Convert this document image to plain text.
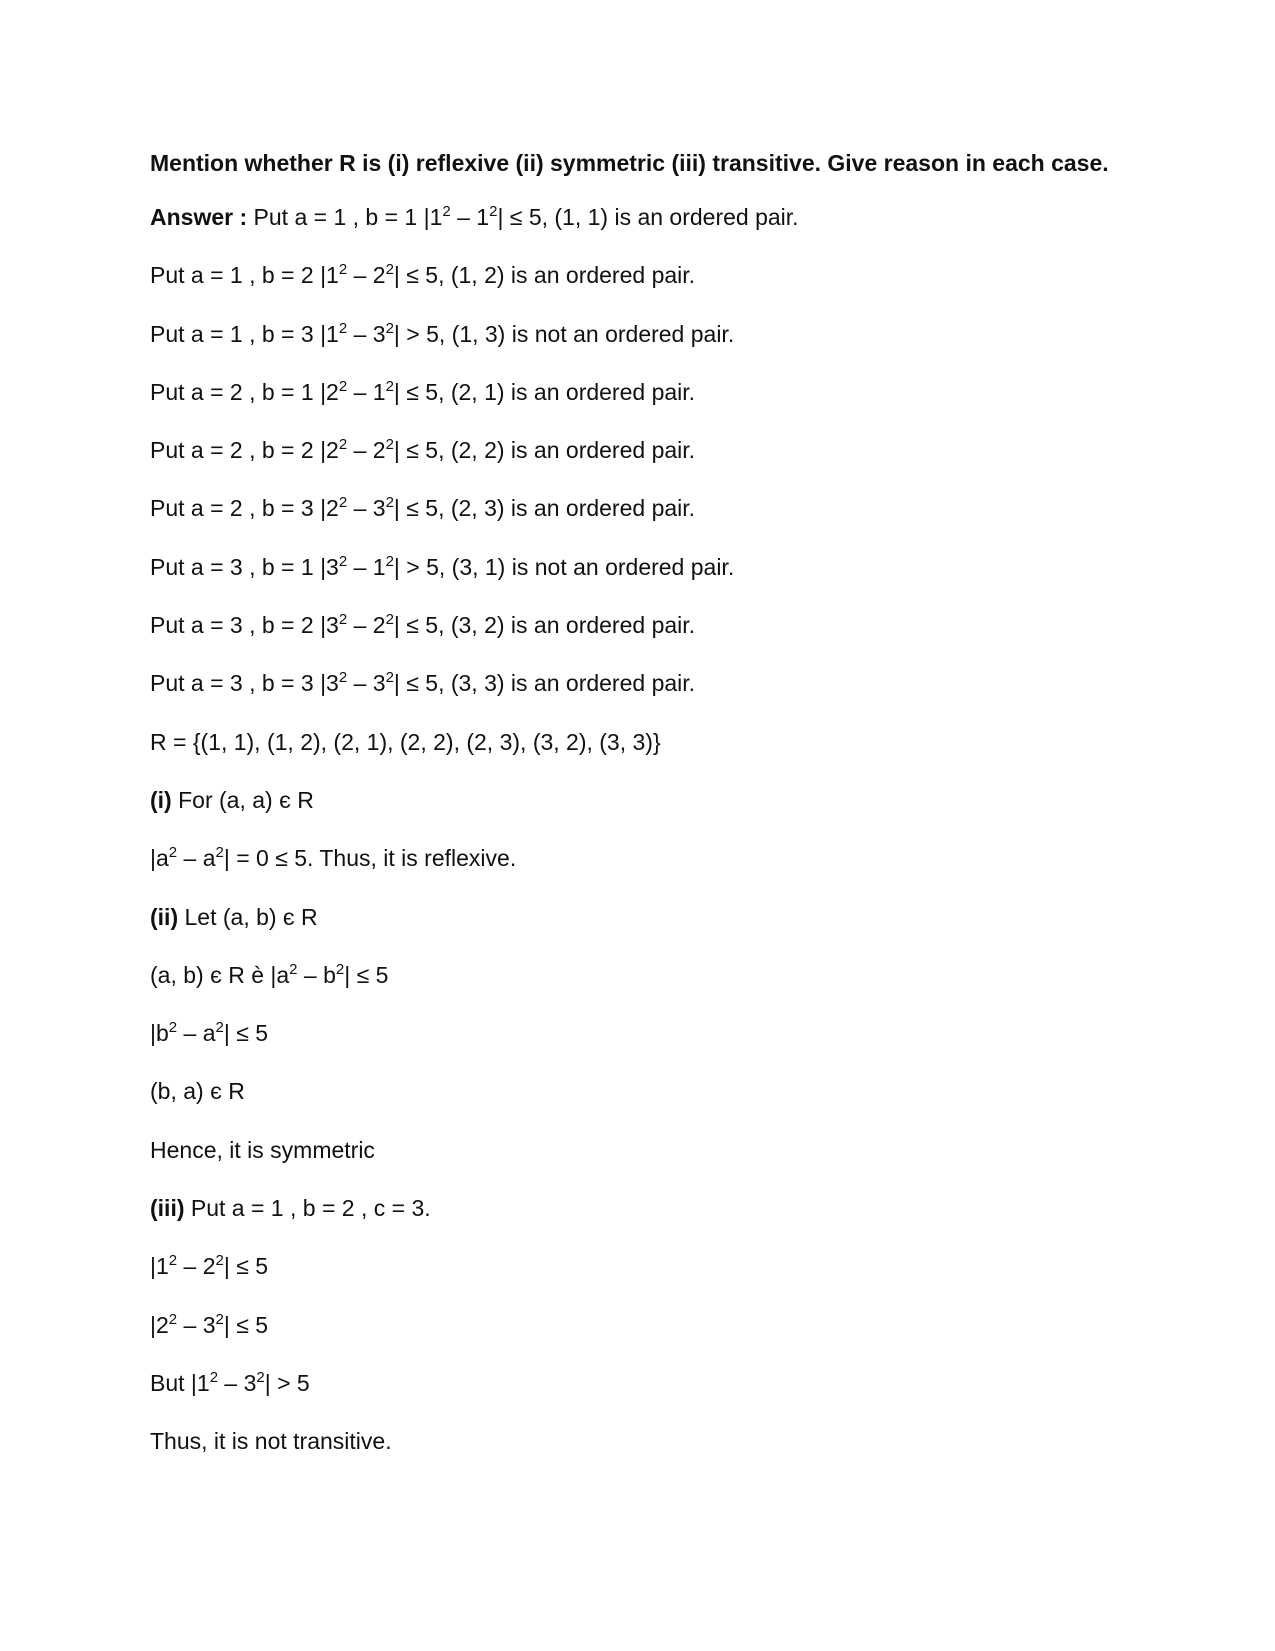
Mention whether R is (i) reflexive (ii) symmetric (iii) transitive. Give reason in each case.
Answer : Put a = 1 , b = 1 $|1^2 - 1^2| \le 5$, (1, 1) is an ordered pair.
Put a = 1 , b = 2 $|1^2 - 2^2| \le 5$, (1, 2) is an ordered pair.
Put a = 1 , b = 3 $|1^2 - 3^2| > 5$, (1, 3) is not an ordered pair.
Put a = 2 , b = 1 $|2^2 - 1^2| \le 5$, (2, 1) is an ordered pair.
Put a = 2 , b = 2 $|2^2 - 2^2| \le 5$, (2, 2) is an ordered pair.
Put a = 2 , b = 3 $|2^2 - 3^2| \le 5$, (2, 3) is an ordered pair.
Put a = 3 , b = 1 $|3^2 - 1^2| > 5$, (3, 1) is not an ordered pair.
Put a = 3 , b = 2 $|3^2 - 2^2| \le 5$, (3, 2) is an ordered pair.
Put a = 3 , b = 3 $|3^2 - 3^2| \le 5$, (3, 3) is an ordered pair.
R = {(1, 1), (1, 2), (2, 1), (2, 2), (2, 3), (3, 2), (3, 3)}
(i) For (a, a) є R
$|a^2 - a^2| = 0 \le 5$. Thus, it is reflexive.
(ii) Let (a, b) є R
(a, b) є R è $|a^2 - b^2| \le 5$
$|b^2 - a^2| \le 5$
(b, a) є R
Hence, it is symmetric
(iii) Put a = 1 , b = 2 , c = 3.
$|1^2 - 2^2| \le 5$
$|2^2 - 3^2| \le 5$
But $|1^2 - 3^2| > 5$
Thus, it is not transitive.
